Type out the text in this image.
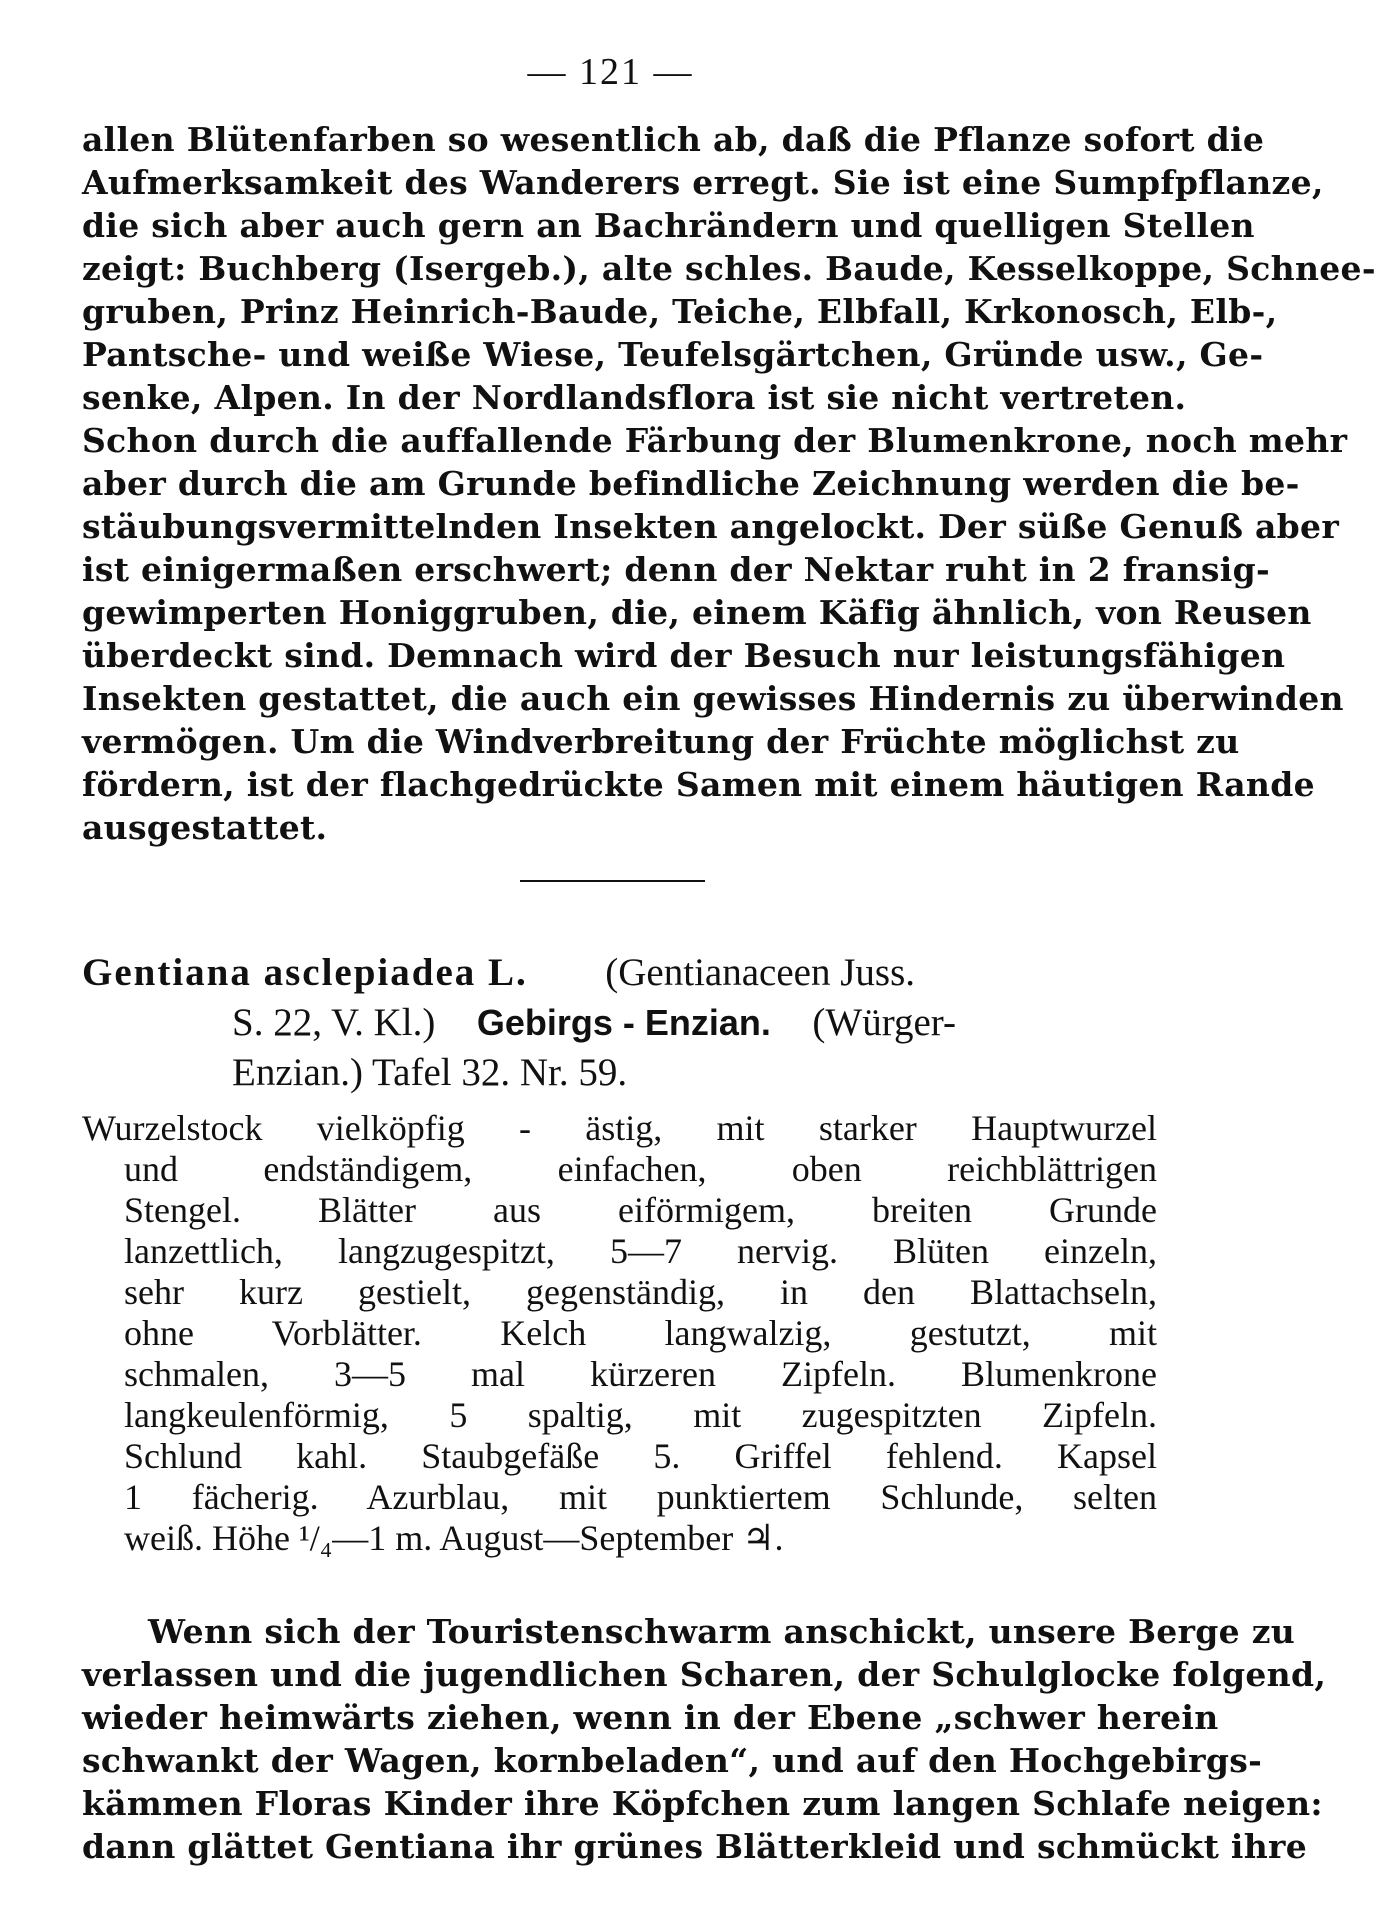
— 121 —
allen Blütenfarben so wesentlich ab, daß die Pflanze sofort die
Aufmerksamkeit des Wanderers erregt. Sie ist eine Sumpfpflanze,
die sich aber auch gern an Bachrändern und quelligen Stellen
zeigt: Buchberg (Isergeb.), alte schles. Baude, Kesselkoppe, Schnee-
gruben, Prinz Heinrich-Baude, Teiche, Elbfall, Krkonosch, Elb-,
Pantsche- und weiße Wiese, Teufelsgärtchen, Gründe usw., Ge-
senke, Alpen. In der Nordlandsflora ist sie nicht vertreten.
Schon durch die auffallende Färbung der Blumenkrone, noch mehr
aber durch die am Grunde befindliche Zeichnung werden die be-
stäubungsvermittelnden Insekten angelockt. Der süße Genuß aber
ist einigermaßen erschwert; denn der Nektar ruht in 2 fransig-
gewimperten Honiggruben, die, einem Käfig ähnlich, von Reusen
überdeckt sind. Demnach wird der Besuch nur leistungsfähigen
Insekten gestattet, die auch ein gewisses Hindernis zu überwinden
vermögen. Um die Windverbreitung der Früchte möglichst zu
fördern, ist der flachgedrückte Samen mit einem häutigen Rande
ausgestattet.
Gentiana asclepiadea L. (Gentianaceen Juss.
S. 22, V. Kl.) Gebirgs - Enzian. (Würger-
Enzian.) Tafel 32. Nr. 59.
Wurzelstock vielköpfig - ästig, mit starker Hauptwurzel
und endständigem, einfachen, oben reichblättrigen
Stengel. Blätter aus eiförmigem, breiten Grunde
lanzettlich, langzugespitzt, 5—7 nervig. Blüten einzeln,
sehr kurz gestielt, gegenständig, in den Blattachseln,
ohne Vorblätter. Kelch langwalzig, gestutzt, mit
schmalen, 3—5 mal kürzeren Zipfeln. Blumenkrone
langkeulenförmig, 5 spaltig, mit zugespitzten Zipfeln.
Schlund kahl. Staubgefäße 5. Griffel fehlend. Kapsel
1 fächerig. Azurblau, mit punktiertem Schlunde, selten
weiß. Höhe ¹/₄—1 m. August—September ♃.
Wenn sich der Touristenschwarm anschickt, unsere Berge zu
verlassen und die jugendlichen Scharen, der Schulglocke folgend,
wieder heimwärts ziehen, wenn in der Ebene „schwer herein
schwankt der Wagen, kornbeladen“, und auf den Hochgebirgs-
kämmen Floras Kinder ihre Köpfchen zum langen Schlafe neigen:
dann glättet Gentiana ihr grünes Blätterkleid und schmückt ihre
